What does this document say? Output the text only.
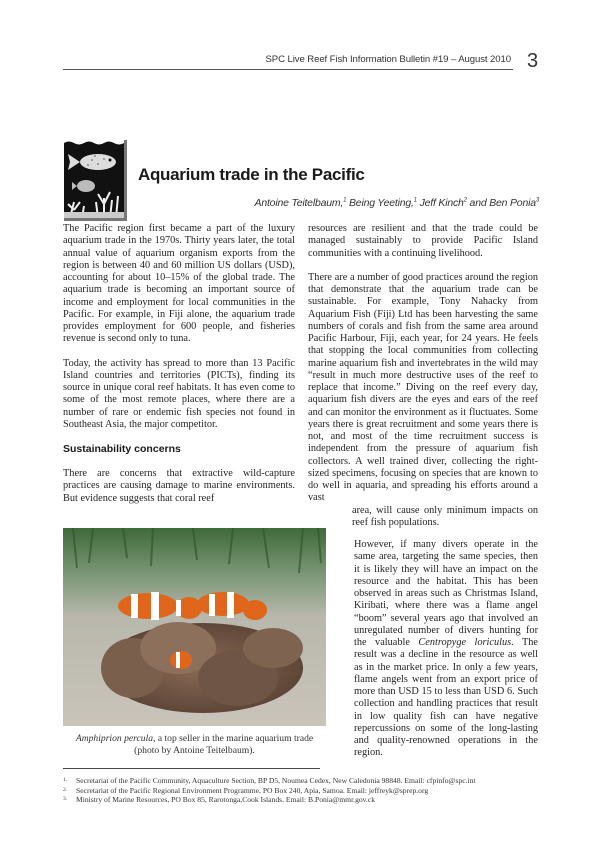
SPC Live Reef Fish Information Bulletin #19 – August 2010 3
Aquarium trade in the Pacific
Antoine Teitelbaum,$^1$ Being Yeeting,$^1$ Jeff Kinch$^2$ and Ben Ponia$^3$

The Pacific region first became a part of the luxury aquarium trade in the 1970s. Thirty years later, the total annual value of aquarium organism exports from the region is between 40 and 60 million US dollars (USD), accounting for about 10–15% of the global trade. The aquarium trade is becoming an important source of income and employment for local communities in the Pacific. For example, in Fiji alone, the aquarium trade provides employment for 600 people, and fisheries revenue is second only to tuna.

Today, the activity has spread to more than 13 Pacific Island countries and territories (PICTs), finding its source in unique coral reef habitats. It has even come to some of the most remote places, where there are a number of rare or endemic fish species not found in Southeast Asia, the major competitor.

Sustainability concerns

There are concerns that extractive wild-capture practices are causing damage to marine environments. But evidence suggests that coral reef

resources are resilient and that the trade could be managed sustainably to provide Pacific Island communities with a continuing livelihood.

There are a number of good practices around the region that demonstrate that the aquarium trade can be sustainable. For example, Tony Nahacky from Aquarium Fish (Fiji) Ltd has been harvesting the same numbers of corals and fish from the same area around Pacific Harbour, Fiji, each year, for 24 years. He feels that stopping the local communities from collecting marine aquarium fish and invertebrates in the wild may “result in much more destructive uses of the reef to replace that income.” Diving on the reef every day, aquarium fish divers are the eyes and ears of the reef and can monitor the environment as it fluctuates. Some years there is great recruitment and some years there is not, and most of the time recruitment success is independent from the pressure of aquarium fish collectors. A well trained diver, collecting the right-sized specimens, focusing on species that are known to do well in aquaria, and spreading his efforts around a vast

area, will cause only minimum impacts on reef fish populations.

However, if many divers operate in the same area, targeting the same species, then it is likely they will have an impact on the resource and the habitat. This has been observed in areas such as Christmas Island, Kiribati, where there was a flame angel “boom” several years ago that involved an unregulated number of divers hunting for the valuable Centropyge loriculus. The result was a decline in the resource as well as in the market price. In only a few years, flame angels went from an export price of more than USD 15 to less than USD 6. Such collection and handling practices that result in low quality fish can have negative repercussions on some of the long-lasting and quality-renowned operations in the region.

Amphiprion percula, a top seller in the marine aquarium trade (photo by Antoine Teitelbaum).
1.	Secretariat of the Pacific Community, Aquaculture Section, BP D5, Noumea Cedex, New Caledonia 98848. Email: cfpinfo@spc.int
2.	Secretariat of the Pacific Regional Environment Programme, PO Box 240, Apia, Samoa. Email: jeffreyk@sprep.org
3.	Ministry of Marine Resources, PO Box 85, Rarotonga,Cook Islands. Email: B.Ponia@mmr.gov.ck
